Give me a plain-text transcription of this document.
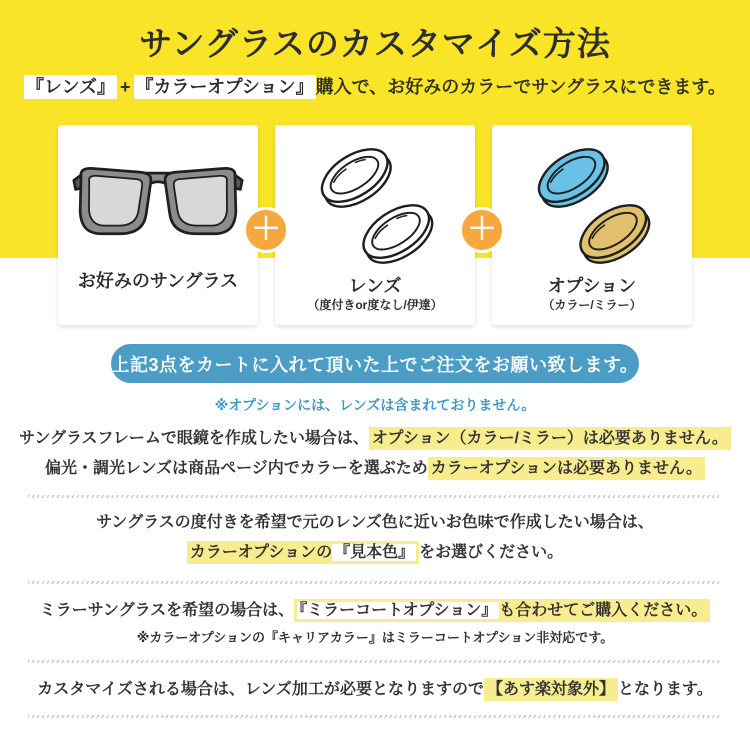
サングラスのカスタマイズ方法
『レンズ』 + 『カラーオプション』 購入で、お好みのカラーでサングラスにできます。
お好みのサングラス	レンズ
（度付きor度なし/伊達）
オプション
（カラー/ミラー）
＋	＋
上記3点をカートに入れて頂いた上でご注文をお願い致します。
※オプションには、レンズは含まれておりません。
サングラスフレームで眼鏡を作成したい場合は、 オプション（カラー/ミラー）は必要ありません。
偏光・調光レンズは商品ページ内でカラーを選ぶため カラーオプションは必要ありません。
サングラスの度付きを希望で元のレンズ色に近いお色味で作成したい場合は、
カラーオプションの 『見本色』 をお選びください。
ミラーサングラスを希望の場合は、 『ミラーコートオプション』 も合わせてご購入ください。
※カラーオプションの『キャリアカラー』はミラーコートオプション非対応です。
カスタマイズされる場合は、レンズ加工が必要となりますので 【あす楽対象外】 となります。
